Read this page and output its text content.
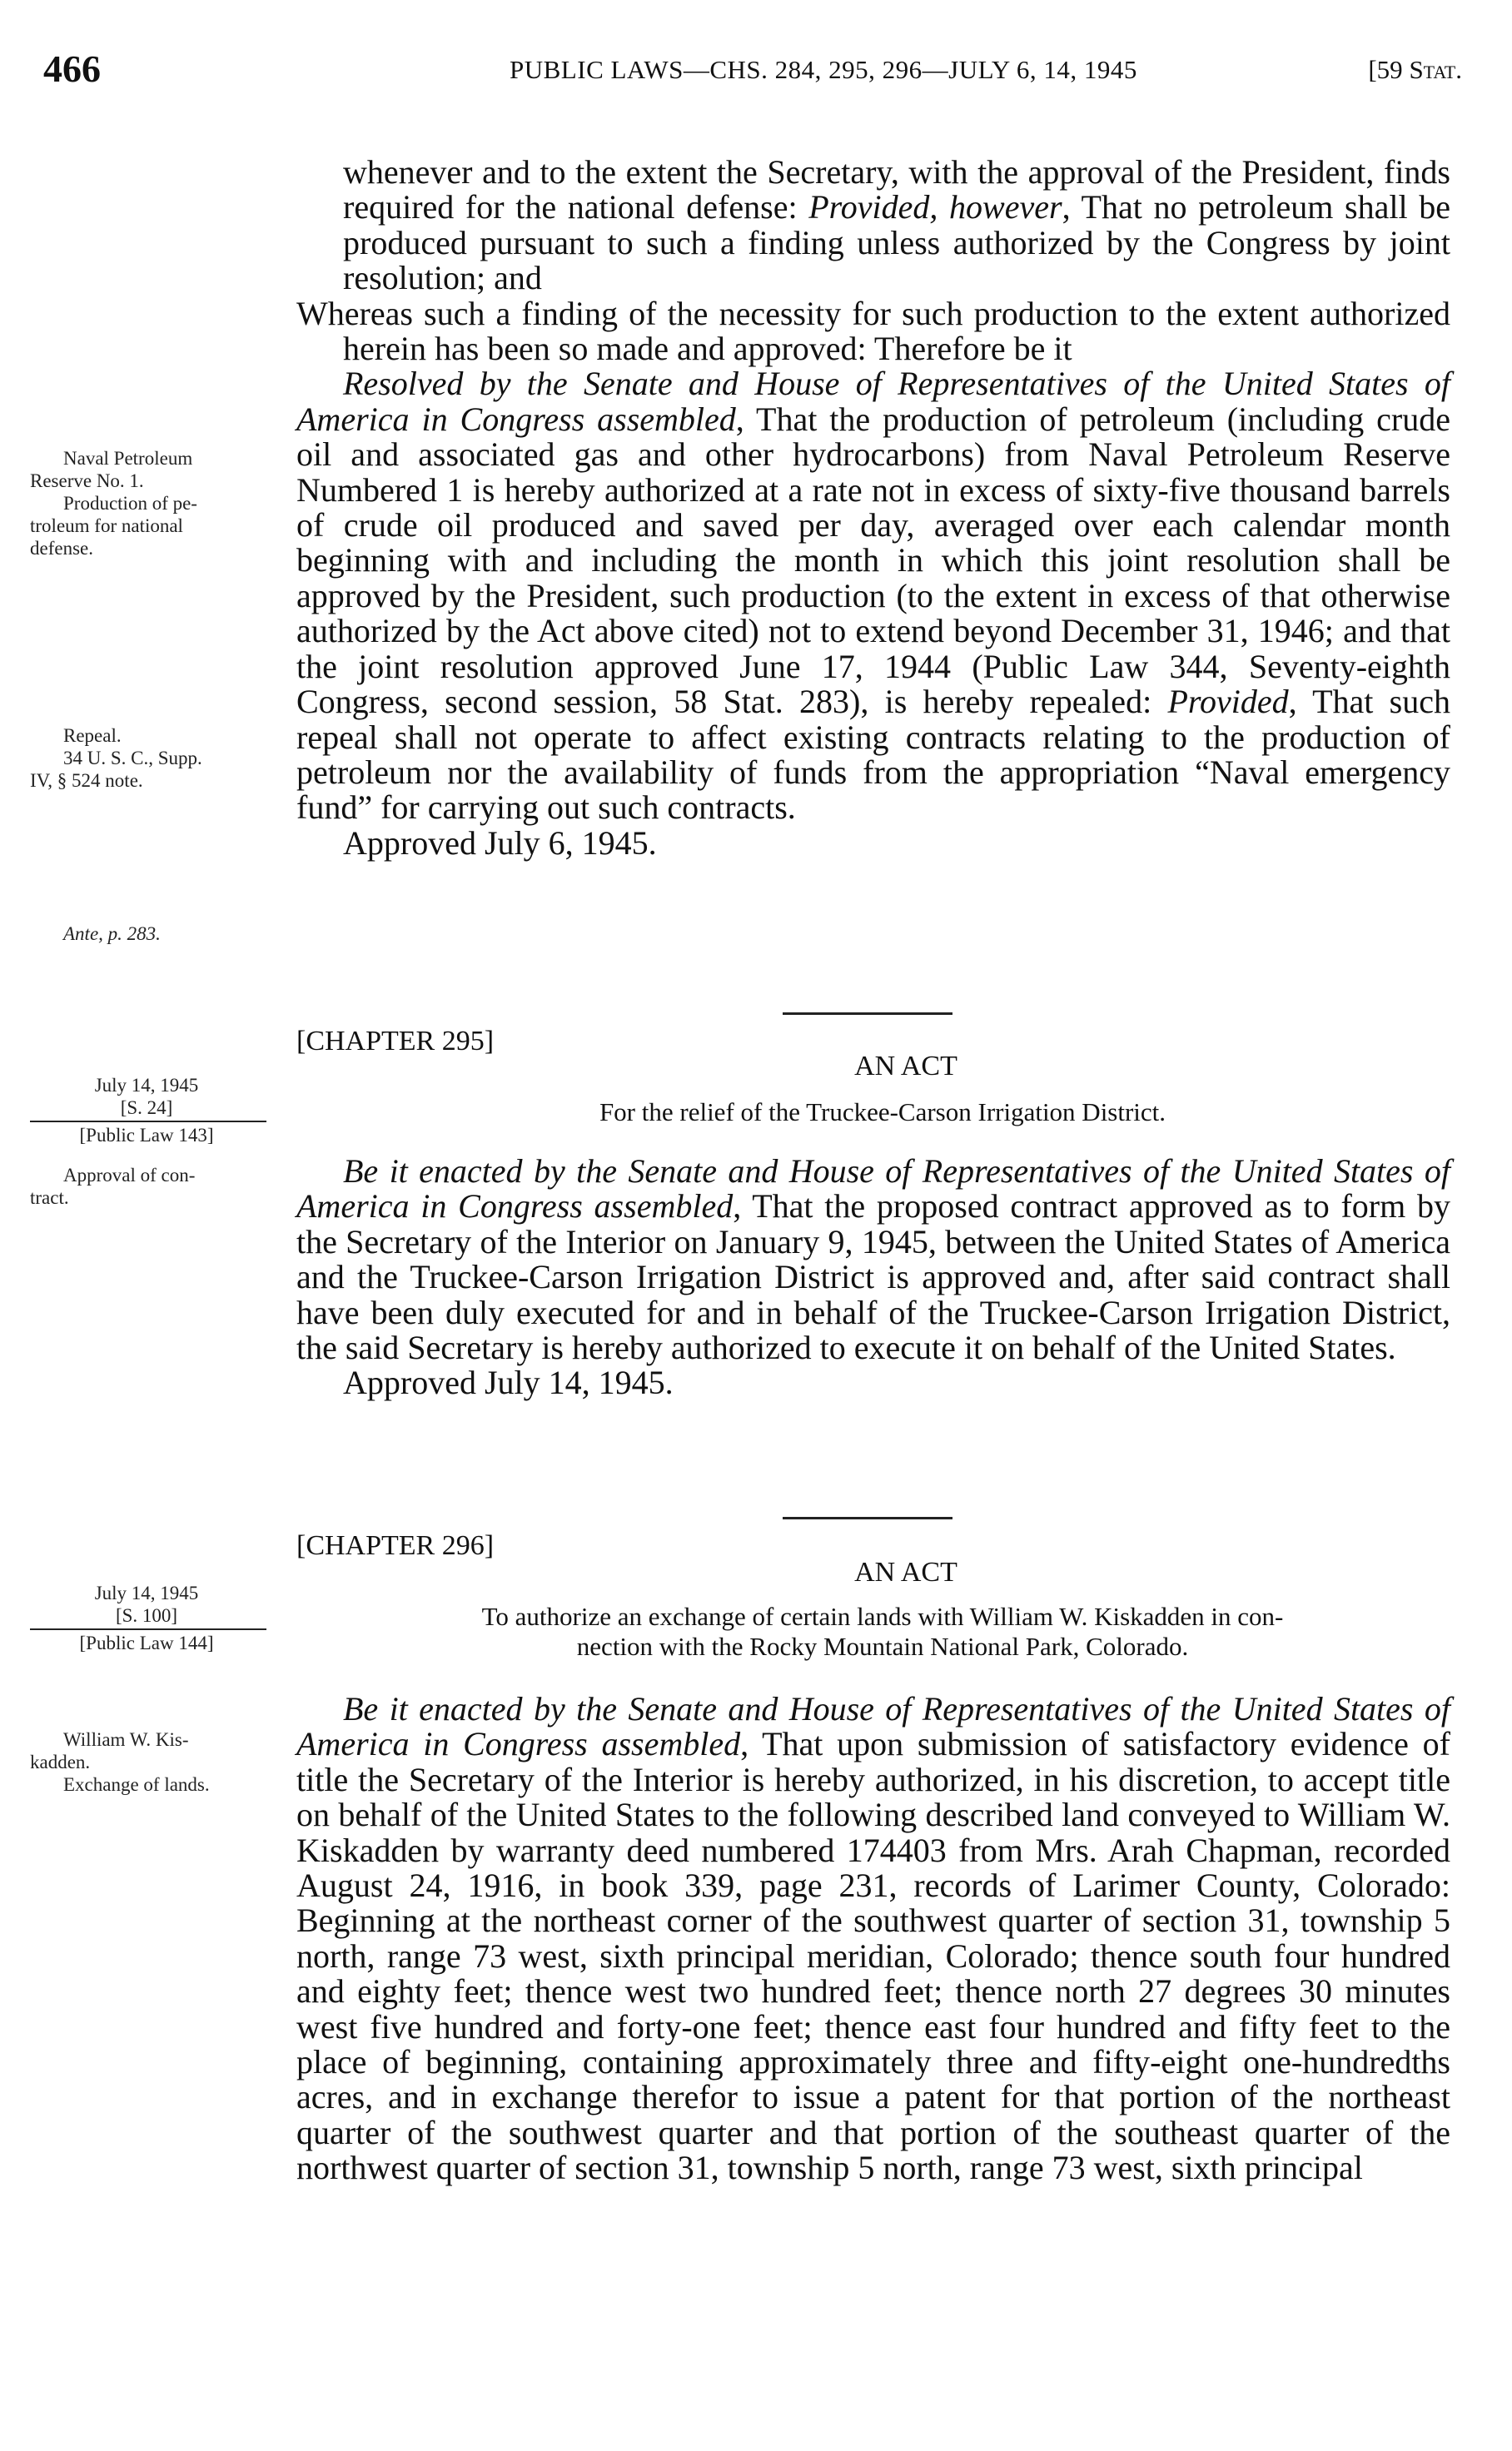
466	PUBLIC LAWS—CHS. 284, 295, 296—JULY 6, 14, 1945	[59 Stat.

whenever and to the extent the Secretary, with the approval of the President, finds required for the national defense: Provided, however, That no petroleum shall be produced pursuant to such a finding unless authorized by the Congress by joint resolution; and

Whereas such a finding of the necessity for such production to the extent authorized herein has been so made and approved: Therefore be it

Resolved by the Senate and House of Representatives of the United States of America in Congress assembled, That the production of petroleum (including crude oil and associated gas and other hydrocarbons) from Naval Petroleum Reserve Numbered 1 is hereby authorized at a rate not in excess of sixty-five thousand barrels of crude oil produced and saved per day, averaged over each calendar month beginning with and including the month in which this joint resolution shall be approved by the President, such production (to the extent in excess of that otherwise authorized by the Act above cited) not to extend beyond December 31, 1946; and that the joint resolution approved June 17, 1944 (Public Law 344, Seventy-eighth Congress, second session, 58 Stat. 283), is hereby repealed: Provided, That such repeal shall not operate to affect existing contracts relating to the production of petroleum nor the availability of funds from the appropriation “Naval emergency fund” for carrying out such contracts.

Approved July 6, 1945.

Naval Petroleum
Reserve No. 1.
Production of pe-
troleum for national
defense.
Repeal.
34 U. S. C., Supp.
IV, § 524 note.
Ante, p. 283.
[CHAPTER 295]
AN ACT
For the relief of the Truckee-Carson Irrigation District.
July 14, 1945
[S. 24]
[Public Law 143]
Approval of con-
tract.

Be it enacted by the Senate and House of Representatives of the United States of America in Congress assembled, That the proposed contract approved as to form by the Secretary of the Interior on January 9, 1945, between the United States of America and the Truckee-Carson Irrigation District is approved and, after said contract shall have been duly executed for and in behalf of the Truckee-Carson Irrigation District, the said Secretary is hereby authorized to execute it on behalf of the United States.

Approved July 14, 1945.

[CHAPTER 296]
AN ACT
To authorize an exchange of certain lands with William W. Kiskadden in con-
nection with the Rocky Mountain National Park, Colorado.
July 14, 1945
[S. 100]
[Public Law 144]
William W. Kis-
kadden.
Exchange of lands.

Be it enacted by the Senate and House of Representatives of the United States of America in Congress assembled, That upon submission of satisfactory evidence of title the Secretary of the Interior is hereby authorized, in his discretion, to accept title on behalf of the United States to the following described land conveyed to William W. Kiskadden by warranty deed numbered 174403 from Mrs. Arah Chapman, recorded August 24, 1916, in book 339, page 231, records of Larimer County, Colorado: Beginning at the northeast corner of the southwest quarter of section 31, township 5 north, range 73 west, sixth principal meridian, Colorado; thence south four hundred and eighty feet; thence west two hundred feet; thence north 27 degrees 30 minutes west five hundred and forty-one feet; thence east four hundred and fifty feet to the place of beginning, containing approximately three and fifty-eight one-hundredths acres, and in exchange therefor to issue a patent for that portion of the northeast quarter of the southwest quarter and that portion of the southeast quarter of the northwest quarter of section 31, township 5 north, range 73 west, sixth principal
